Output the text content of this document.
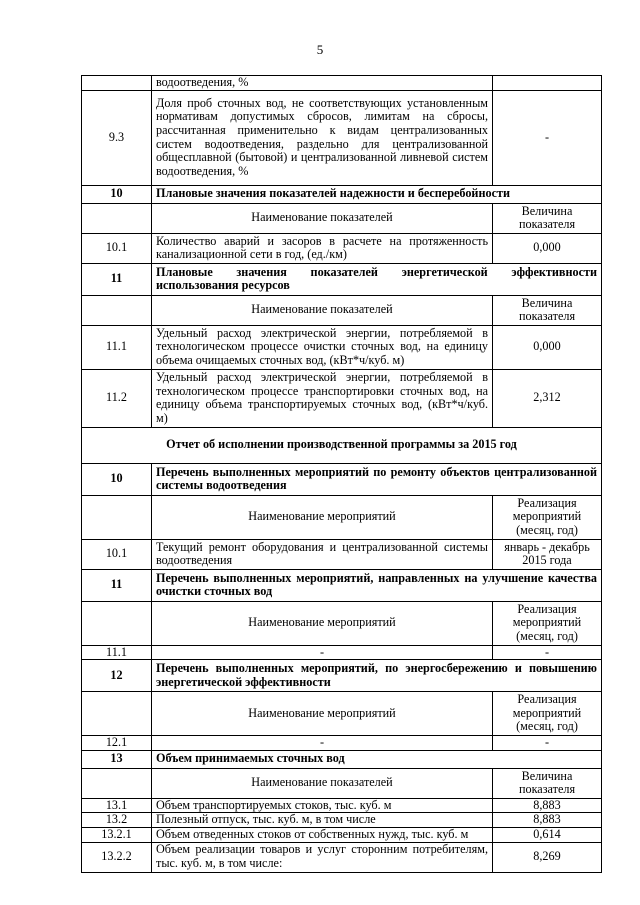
5
	водоотведения, %	
9.3	Доля проб сточных вод, не соответствующих установленным нормативам допустимых сбросов, лимитам на сбросы, рассчитанная применительно к видам централизованных систем водоотведения, раздельно для централизованной общесплавной (бытовой) и централизованной ливневой систем водоотведения, %	-
10	Плановые значения показателей надежности и бесперебойности	
	Наименование показателей	Величина показателя
10.1	Количество аварий и засоров в расчете на протяженность канализационной сети в год, (ед./км)	0,000
11	Плановые значения показателей энергетической эффективности использования ресурсов	

	Наименование показателей	Величина показателя
11.1	Удельный расход электрической энергии, потребляемой в технологическом процессе очистки сточных вод, на единицу объема очищаемых сточных вод, (кВт*ч/куб. м)	0,000
11.2	Удельный расход электрической энергии, потребляемой в технологическом процессе транспортировки сточных вод, на единицу объема транспортируемых сточных вод, (кВт*ч/куб. м)	2,312
Отчет об исполнении производственной программы за 2015 год		
10	Перечень выполненных мероприятий по ремонту объектов централизованной системы водоотведения	

	Наименование мероприятий	Реализация мероприятий (месяц, год)
10.1	Текущий ремонт оборудования и централизованной системы водоотведения	январь - декабрь 2015 года
11	Перечень выполненных мероприятий, направленных на улучшение качества очистки сточных вод	

	Наименование мероприятий	Реализация мероприятий (месяц, год)
11.1	-	-
12	Перечень выполненных мероприятий, по энергосбережению и повышению энергетической эффективности	

	Наименование мероприятий	Реализация мероприятий (месяц, год)
12.1	-	-
13	Объем принимаемых сточных вод	
	Наименование показателей	Величина показателя
13.1	Объем транспортируемых стоков, тыс. куб. м	8,883
13.2	Полезный отпуск, тыс. куб. м, в том числе	8,883
13.2.1	Объем отведенных стоков от собственных нужд, тыс. куб. м	0,614
13.2.2	Объем реализации товаров и услуг сторонним потребителям, тыс. куб. м, в том числе:	8,269
